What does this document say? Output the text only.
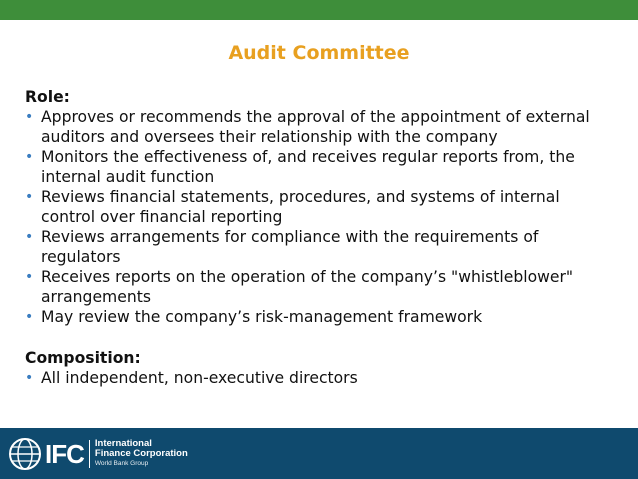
Audit Committee

Role:

• Approves or recommends the approval of the appointment of external auditors and oversees their relationship with the company
• Monitors the effectiveness of, and receives regular reports from, the internal audit function
• Reviews financial statements, procedures, and systems of internal control over financial reporting
• Reviews arrangements for compliance with the requirements of regulators
• Receives reports on the operation of the company’s "whistleblower" arrangements
• May review the company’s risk-management framework

Composition:

• All independent, non-executive directors
IFC International
Finance Corporation
World Bank Group
